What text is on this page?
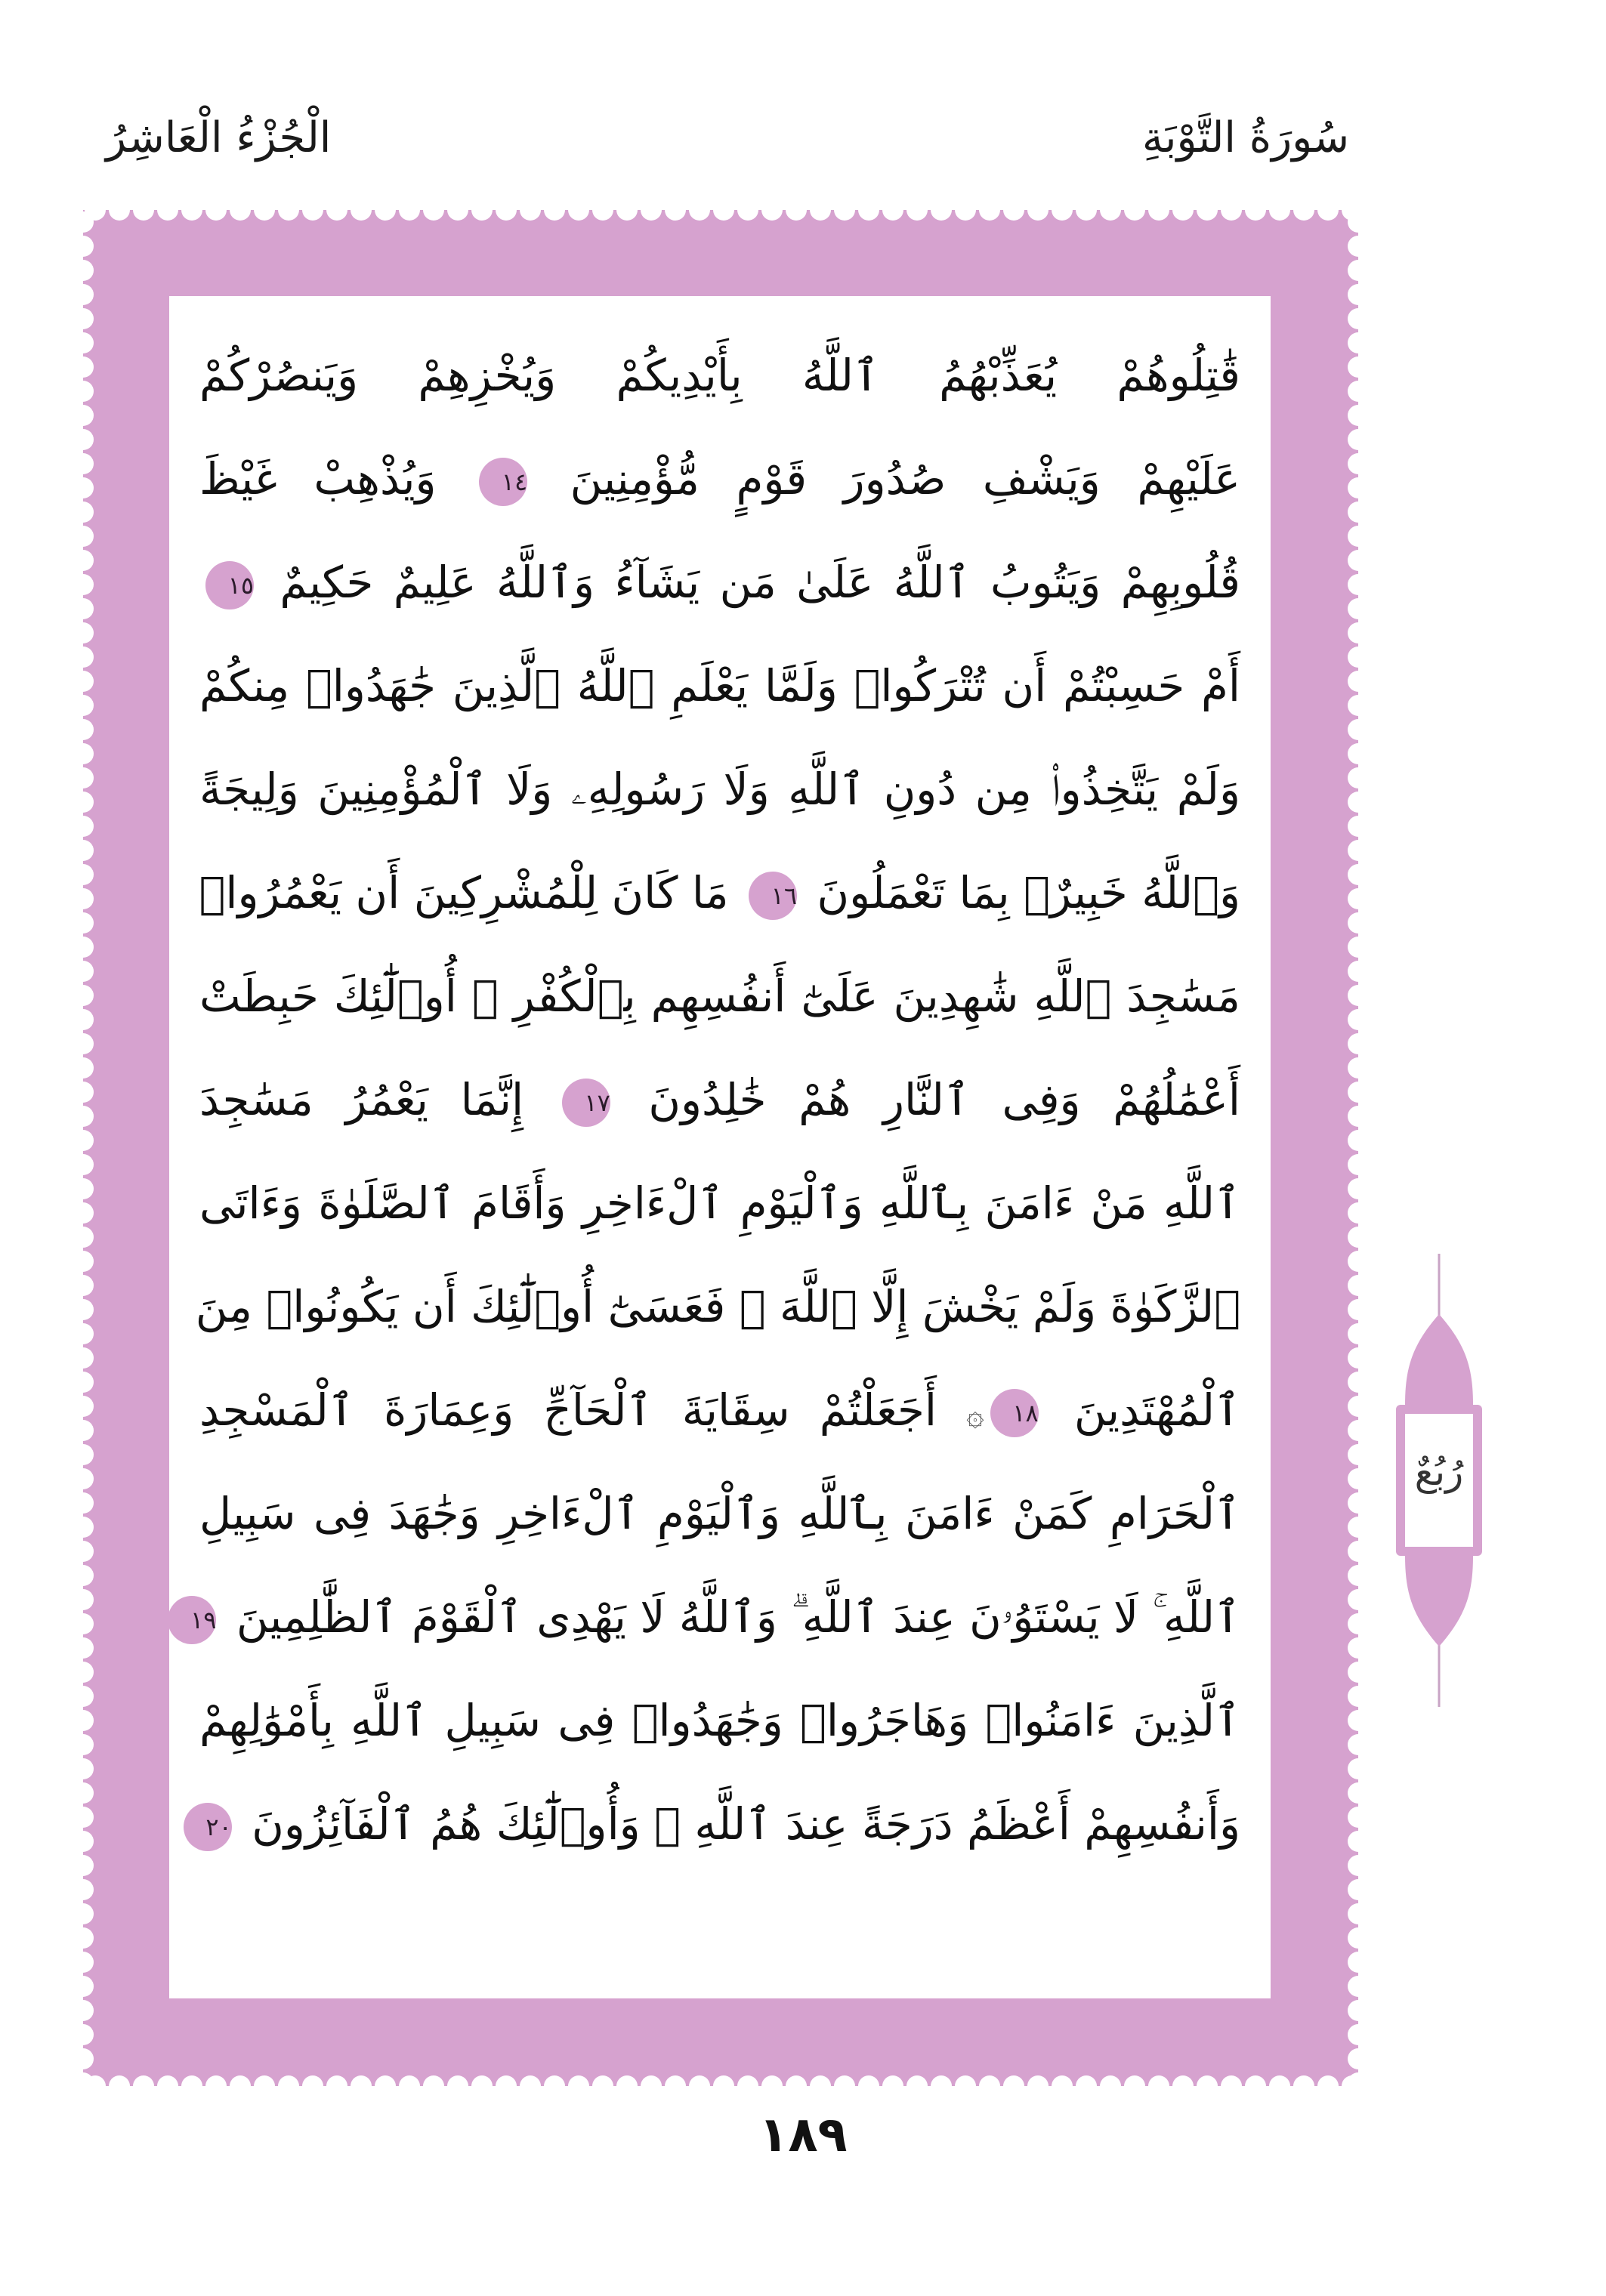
سُورَةُ التَّوْبَةِ
الْجُزْءُ الْعَاشِرُ
قَٰتِلُوهُمْ يُعَذِّبْهُمُ ٱللَّهُ بِأَيْدِيكُمْ وَيُخْزِهِمْ وَيَنصُرْكُمْ
عَلَيْهِمْ وَيَشْفِ صُدُورَ قَوْمٍ مُّؤْمِنِينَ ١٤ وَيُذْهِبْ غَيْظَ
قُلُوبِهِمْ وَيَتُوبُ ٱللَّهُ عَلَىٰ مَن يَشَآءُ وَٱللَّهُ عَلِيمٌ حَكِيمٌ ١٥
أَمْ حَسِبْتُمْ أَن تُتْرَكُوا۟ وَلَمَّا يَعْلَمِ ٱللَّهُ ٱلَّذِينَ جَٰهَدُوا۟ مِنكُمْ
وَلَمْ يَتَّخِذُوا۟ مِن دُونِ ٱللَّهِ وَلَا رَسُولِهِۦ وَلَا ٱلْمُؤْمِنِينَ وَلِيجَةً
وَٱللَّهُ خَبِيرٌۢ بِمَا تَعْمَلُونَ ١٦ مَا كَانَ لِلْمُشْرِكِينَ أَن يَعْمُرُوا۟
مَسَٰجِدَ ٱللَّهِ شَٰهِدِينَ عَلَىٰٓ أَنفُسِهِم بِٱلْكُفْرِ ۚ أُو۟لَٰٓئِكَ حَبِطَتْ
أَعْمَٰلُهُمْ وَفِى ٱلنَّارِ هُمْ خَٰلِدُونَ ١٧ إِنَّمَا يَعْمُرُ مَسَٰجِدَ
ٱللَّهِ مَنْ ءَامَنَ بِٱللَّهِ وَٱلْيَوْمِ ٱلْءَاخِرِ وَأَقَامَ ٱلصَّلَوٰةَ وَءَاتَى
ٱلزَّكَوٰةَ وَلَمْ يَخْشَ إِلَّا ٱللَّهَ ۖ فَعَسَىٰٓ أُو۟لَٰٓئِكَ أَن يَكُونُوا۟ مِنَ
ٱلْمُهْتَدِينَ ١٨۞ أَجَعَلْتُمْ سِقَايَةَ ٱلْحَآجِّ وَعِمَارَةَ ٱلْمَسْجِدِ
ٱلْحَرَامِ كَمَنْ ءَامَنَ بِٱللَّهِ وَٱلْيَوْمِ ٱلْءَاخِرِ وَجَٰهَدَ فِى سَبِيلِ
ٱللَّهِ ۚ لَا يَسْتَوُۥنَ عِندَ ٱللَّهِ ۗ وَٱللَّهُ لَا يَهْدِى ٱلْقَوْمَ ٱلظَّٰلِمِينَ ١٩
ٱلَّذِينَ ءَامَنُوا۟ وَهَاجَرُوا۟ وَجَٰهَدُوا۟ فِى سَبِيلِ ٱللَّهِ بِأَمْوَٰلِهِمْ
وَأَنفُسِهِمْ أَعْظَمُ دَرَجَةً عِندَ ٱللَّهِ ۚ وَأُو۟لَٰٓئِكَ هُمُ ٱلْفَآئِزُونَ ٢٠
رُبُعٌ
١٨٩
